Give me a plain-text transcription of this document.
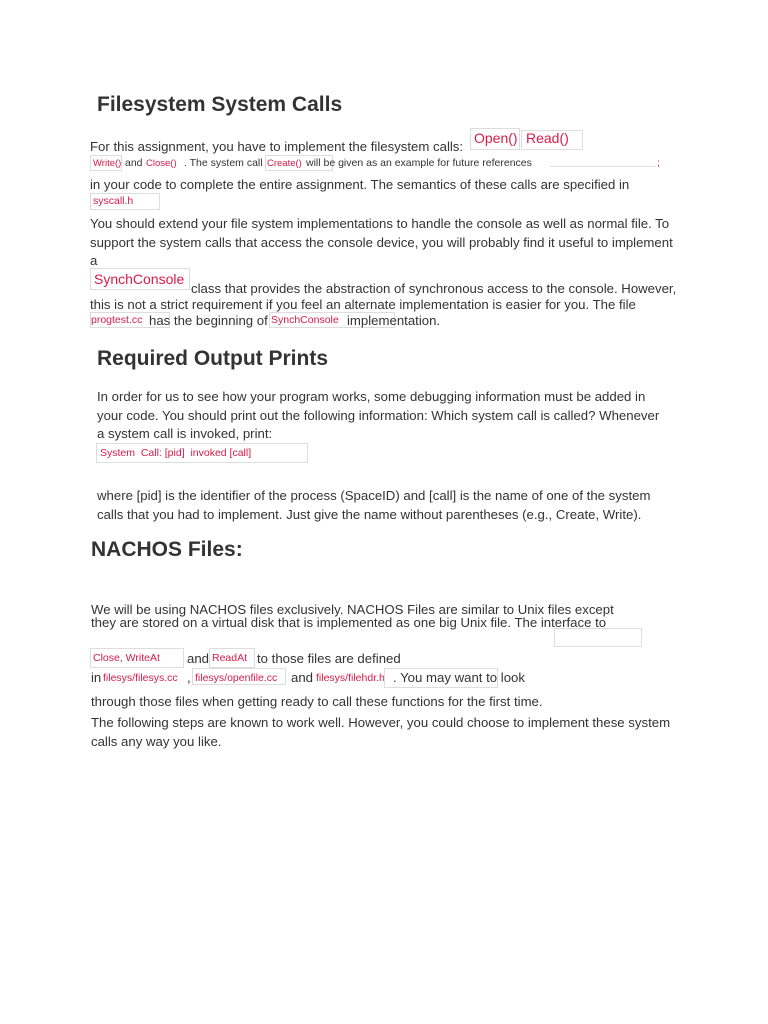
Filesystem System Calls
For this assignment, you have to implement the filesystem calls:
Open() Read()
Write() and Close() . The system call Create() will be given as an example for future references	;
in your code to complete the entire assignment. The semantics of these calls are specified in
syscall.h
You should extend your file system implementations to handle the console as well as normal file. To
support the system calls that access the console device, you will probably find it useful to implement
a
SynchConsole
class that provides the abstraction of synchronous access to the console. However,
this is not a strict requirement if you feel an alternate implementation is easier for you. The file
progtest.cc has the beginning of SynchConsole implementation.
Required Output Prints
In order for us to see how your program works, some debugging information must be added in
your code. You should print out the following information: Which system call is called? Whenever
a system call is invoked, print:
System  Call: [pid]  invoked [call]
where [pid] is the identifier of the process (SpaceID) and [call] is the name of one of the system
calls that you had to implement. Just give the name without parentheses (e.g., Create, Write).
NACHOS Files:
We will be using NACHOS files exclusively. NACHOS Files are similar to Unix files except
they are stored on a virtual disk that is implemented as one big Unix file. The interface to
Close, WriteAt and ReadAt to those files are defined
in filesys/filesys.cc , filesys/openfile.cc and filesys/filehdr.h . You may want to look
through those files when getting ready to call these functions for the first time.
The following steps are known to work well. However, you could choose to implement these system
calls any way you like.
